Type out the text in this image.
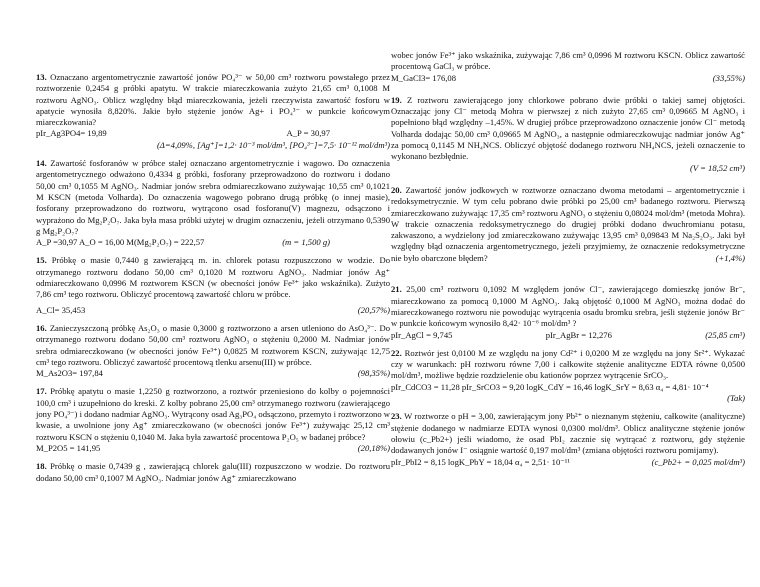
13. Oznaczano argentometrycznie zawartość jonów PO₄³⁻ w 50,00 cm³ roztworu powstałego przez roztworzenie 0,2454 g próbki apatytu. W trakcie miareczkowania zużyto 21,65 cm³ 0,1008 M roztworu AgNO₃. Oblicz względny błąd miareczkowania, jeżeli rzeczywista zawartość fosforu w apatycie wynosiła 8,820%. Jakie było stężenie jonów Ag+ i PO₄³⁻ w punkcie końcowym miareczkowania?

pIr_Ag3PO4= 19,89	A_P = 30,97
(Δ=4,09%, [Ag⁺]=1,2· 10⁻³ mol/dm³, [PO₄³⁻]=7,5· 10⁻¹² mol/dm³)

14. Zawartość fosforanów w próbce stałej oznaczano argentometrycznie i wagowo. Do oznaczenia argentometrycznego odważono 0,4334 g próbki, fosforany przeprowadzono do roztworu i dodano 50,00 cm³ 0,1055 M AgNO₃. Nadmiar jonów srebra odmiareczkowano zużywając 10,55 cm³ 0,1021 M KSCN (metoda Volharda). Do oznaczenia wagowego pobrano drugą próbkę (o innej masie), fosforany przeprowadzono do roztworu, wytrącono osad fosforanu(V) magnezu, odsączono i wyprażono do Mg₂P₂O₇. Jaka była masa próbki użytej w drugim oznaczeniu, jeżeli otrzymano 0,5390 g Mg₂P₂O₇?

A_P =30,97 A_O = 16,00 M(Mg₂P₂O₇) = 222,57	(m = 1,500 g)

15. Próbkę o masie 0,7440 g zawierającą m. in. chlorek potasu rozpuszczono w wodzie. Do otrzymanego roztworu dodano 50,00 cm³ 0,1020 M roztworu AgNO₃. Nadmiar jonów Ag⁺ odmiareczkowano 0,0996 M roztworem KSCN (w obecności jonów Fe³⁺ jako wskaźnika). Zużyto 7,86 cm³ tego roztworu. Obliczyć procentową zawartość chloru w próbce.

A_Cl= 35,453	(20,57%)

16. Zanieczyszczoną próbkę As₂O₃ o masie 0,3000 g roztworzono a arsen utleniono do AsO₄³⁻. Do otrzymanego roztworu dodano 50,00 cm³ roztworu AgNO₃ o stężeniu 0,2000 M. Nadmiar jonów srebra odmiareczkowano (w obecności jonów Fe³⁺) 0,0825 M roztworem KSCN, zużywając 12,75 cm³ tego roztworu. Obliczyć zawartość procentową tlenku arsenu(III) w próbce.

M_As2O3= 197,84	(98,35%)

17. Próbkę apatytu o masie 1,2250 g roztworzono, a roztwór przeniesiono do kolby o pojemności 100,0 cm³ i uzupełniono do kreski. Z kolby pobrano 25,00 cm³ otrzymanego roztworu (zawierającego jony PO₄³⁻) i dodano nadmiar AgNO₃. Wytrącony osad Ag₃PO₄ odsączono, przemyto i roztworzono w kwasie, a uwolnione jony Ag⁺ zmiareczkowano (w obecności jonów Fe³⁺) zużywając 25,12 cm³ roztworu KSCN o stężeniu 0,1040 M. Jaka była zawartość procentowa P₂O₅ w badanej próbce?

M_P2O5 = 141,95	(20,18%)

18. Próbkę o masie 0,7439 g , zawierającą chlorek galu(III) rozpuszczono w wodzie. Do roztworu dodano 50,00 cm³ 0,1007 M AgNO₃. Nadmiar jonów Ag⁺ zmiareczkowano

wobec jonów Fe³⁺ jako wskaźnika, zużywając 7,86 cm³ 0,0996 M roztworu KSCN. Oblicz zawartość procentową GaCl₃ w próbce.

M_GaCl3= 176,08	(33,55%)

19. Z roztworu zawierającego jony chlorkowe pobrano dwie próbki o takiej samej objętości. Oznaczając jony Cl⁻ metodą Mohra w pierwszej z nich zużyto 27,65 cm³ 0,09665 M AgNO₃ i popełniono błąd względny –1,45%. W drugiej próbce przeprowadzono oznaczenie jonów Cl⁻ metodą Volharda dodając 50,00 cm³ 0,09665 M AgNO₃, a następnie odmiareczkowując nadmiar jonów Ag⁺ za pomocą 0,1145 M NH₄NCS. Obliczyć objętość dodanego roztworu NH₄NCS, jeżeli oznaczenie to wykonano bezbłędnie.

(V = 18,52 cm³)

20. Zawartość jonów jodkowych w roztworze oznaczano dwoma metodami – argentometrycznie i redoksymetrycznie. W tym celu pobrano dwie próbki po 25,00 cm³ badanego roztworu. Pierwszą zmiareczkowano zużywając 17,35 cm³ roztworu AgNO₃ o stężeniu 0,08024 mol/dm³ (metoda Mohra). W trakcie oznaczenia redoksymetrycznego do drugiej próbki dodano dwuchromianu potasu, zakwaszono, a wydzielony jod zmiareczkowano zużywając 13,95 cm³ 0,09843 M Na₂S₂O₃. Jaki był względny błąd oznaczenia argentometrycznego, jeżeli przyjmiemy, że oznaczenie redoksymetryczne nie było obarczone błędem?	(+1,4%)

21. 25,00 cm³ roztworu 0,1092 M względem jonów Cl⁻, zawierającego domieszkę jonów Br⁻, miareczkowano za pomocą 0,1000 M AgNO₃. Jaką objętość 0,1000 M AgNO₃ można dodać do miareczkowanego roztworu nie powodując wytrącenia osadu bromku srebra, jeśli stężenie jonów Br⁻ w punkcie końcowym wynosiło 8,42· 10⁻⁶ mol/dm³ ?

pIr_AgCl = 9,745	pIr_AgBr = 12,276	(25,85 cm³)

22. Roztwór jest 0,0100 M ze względu na jony Cd²⁺ i 0,0200 M ze względu na jony Sr²⁺. Wykazać czy w warunkach: pH roztworu równe 7,00 i całkowite stężenie analityczne EDTA równe 0,0500 mol/dm³, możliwe będzie rozdzielenie obu kationów poprzez wytrącenie SrCO₃.

pIr_CdCO3 = 11,28 pIr_SrCO3 = 9,20 logK_CdY = 16,46 logK_SrY = 8,63 α₄ = 4,81· 10⁻⁴
(Tak)

23. W roztworze o pH = 3,00, zawierającym jony Pb²⁺ o nieznanym stężeniu, całkowite (analityczne) stężenie dodanego w nadmiarze EDTA wynosi 0,0300 mol/dm³. Oblicz analityczne stężenie jonów ołowiu (c_Pb2+) jeśli wiadomo, że osad PbI₂ zacznie się wytrącać z roztworu, gdy stężenie dodawanych jonów I⁻ osiągnie wartość 0,197 mol/dm³ (zmiana objętości roztworu pomijamy).

pIr_PbI2 = 8,15 logK_PbY = 18,04 α₄ = 2,51· 10⁻¹¹	(c_Pb2+ = 0,025 mol/dm³)
